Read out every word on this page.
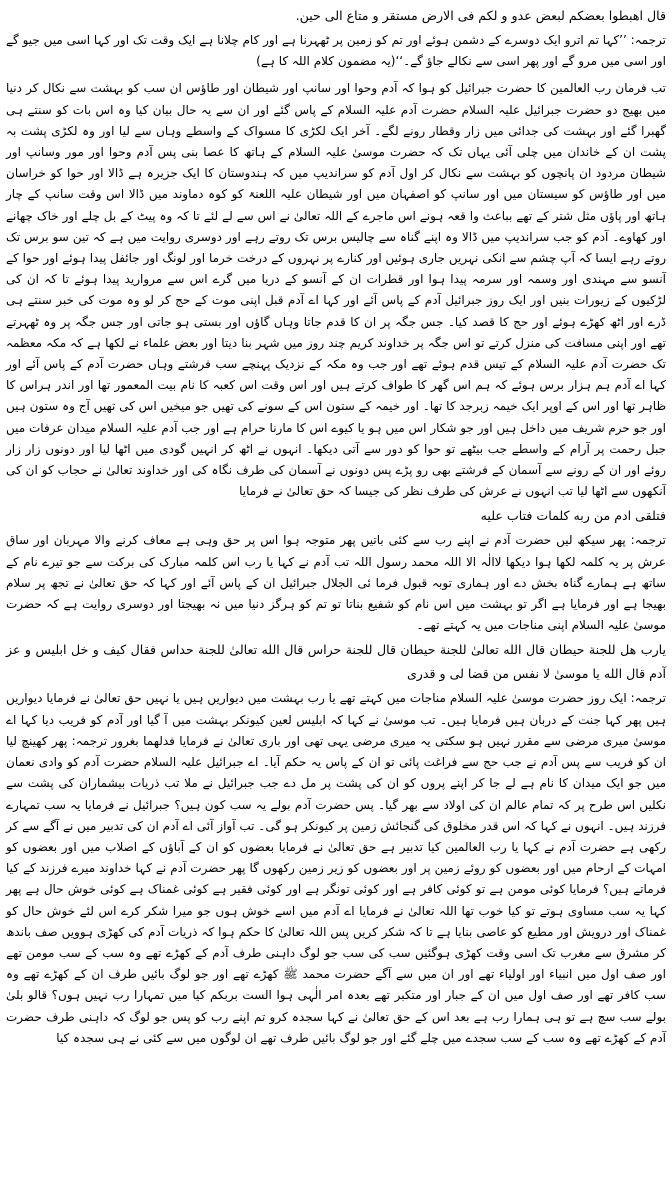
قال اهبطوا بعضكم لبعض عدو و لكم فى الارض مستقر و متاع الى حين.

ترجمہ: ’’کہا تم اترو ایک دوسرے کے دشمن ہوئے اور تم کو زمین پر ٹھہرنا ہے اور کام چلانا ہے ایک وقت تک اور کہا اسی میں جیو گے اور اسی میں مرو گے اور پھر اسی سے نکالے جاؤ گے۔‘‘(یہ مضمون کلام اللہ کا ہے)

تب فرمان رب العالمین کا حضرت جبرائیل کو ہوا کہ آدم وحوا اور سانپ اور شیطان اور طاؤس ان سب کو بہشت سے نکال کر دنیا میں بھیج دو حضرت جبرائیل علیہ السلام حضرت آدم علیہ السلام کے پاس گئے اور ان سے یہ حال بیان کیا وہ اس بات کو سنتے ہی گھبرا گئے اور بہشت کی جدائی میں زار وقطار رونے لگے۔ آخر ایک لکڑی کا مسواک کے واسطے وہاں سے لیا اور وہ لکڑی پشت بہ پشت ان کے خاندان میں چلی آئی یہاں تک کہ حضرت موسیٰ علیہ السلام کے ہاتھ کا عصا بنی پس آدم وحوا اور مور وسانپ اور شیطان مردود ان پانچوں کو بہشت سے نکال کر اول آدم کو سراندیپ میں کہ ہندوستان کا ایک جزیرہ ہے ڈالا اور حوا کو خراسان میں اور طاؤس کو سیستان میں اور سانپ کو اصفہان میں اور شیطان علیہ اللعنۃ کو کوہ دماوند میں ڈالا اس وقت سانپ کے چار ہاتھ اور پاؤں مثل شتر کے تھے بباعث وا قعہ ہونے اس ماجرے کے اللہ تعالیٰ نے اس سے لے لئے تا کہ وہ پیٹ کے بل چلے اور خاک چھانے اور کھاوے۔ آدم کو جب سراندیپ میں ڈالا وہ اپنے گناہ سے چالیس برس تک روتے رہے اور دوسری روایت میں ہے کہ تین سو برس تک روتے رہے ایسا کہ آپ چشم سے انکی نہریں جاری ہوئیں اور کنارے پر نہروں کے درخت خرما اور لونگ اور جائفل پیدا ہوئے اور حوا کے آنسو سے مہندی اور وسمہ اور سرمہ پیدا ہوا اور قطرات ان کے آنسو کے دریا میں گرے اس سے مروارید پیدا ہوئے تا کہ ان کی لڑکیوں کے زیورات بنیں اور ایک روز جبرائیل آدم کے پاس آئے اور کہا اے آدم قبل اپنی موت کے حج کر لو وہ موت کی خبر سنتے ہی ڈرے اور اٹھ کھڑے ہوئے اور حج کا قصد کیا۔ جس جگہ پر ان کا قدم جاتا وہاں گاؤں اور بستی ہو جاتی اور جس جگہ پر وہ ٹھہرتے تھے اور اپنی مسافت کی منزل کرتے تو اس جگہ پر خداوند کریم چند روز میں شہر بنا دیتا اور بعض علماء نے لکھا ہے کہ مکہ معظمہ تک حضرت آدم علیہ السلام کے تیس قدم ہوئے تھے اور جب وہ مکہ کے نزدیک پہنچے سب فرشتے وہاں حضرت آدم کے پاس آئے اور کہا اے آدم ہم ہزار برس ہوئے کہ ہم اس گھر کا طواف کرتے ہیں اور اس وقت اس کعبہ کا نام بیت المعمور تھا اور اندر ہراس کا ظاہر تھا اور اس کے اوپر ایک خیمہ زبرجد کا تھا۔ اور خیمہ کے ستون اس کے سونے کی تھیں جو میخیں اس کی تھیں آج وہ ستون ہیں اور جو حرم شریف میں داخل ہیں اور جو شکار اس میں ہو یا کیوے اس کا مارنا حرام ہے اور جب آدم علیہ السلام میدان عرفات میں جبل رحمت پر آرام کے واسطے جب بیٹھے تو حوا کو دور سے آتی دیکھا۔ انہوں نے اٹھ کر انہیں گودی میں اٹھا لیا اور دونوں زار زار روئے اور ان کے رونے سے آسمان کے فرشتے بھی رو پڑے پس دونوں نے آسمان کی طرف نگاہ کی اور خداوند تعالیٰ نے حجاب کو ان کی آنکھوں سے اٹھا لیا تب انہوں نے عرش کی طرف نظر کی جیسا کہ حق تعالیٰ نے فرمایا

فتلقى ادم من ربه كلمات فتاب عليه

ترجمہ: پھر سیکھ لیں حضرت آدم نے اپنے رب سے کئی باتیں پھر متوجہ ہوا اس پر حق وہی ہے معاف کرنے والا مہربان اور ساق عرش پر یہ کلمہ لکھا ہوا دیکھا لاالٰہ الا اللہ محمد رسول اللہ تب آدم نے کہا یا رب اس کلمہ مبارک کی برکت سے جو تیرے نام کے ساتھ ہے ہمارے گناہ بخش دے اور ہماری توبہ قبول فرما ئی الجلال جبرائیل ان کے پاس آئے اور کہا کہ حق تعالیٰ نے تجھ پر سلام بھیجا ہے اور فرمایا ہے اگر تو بہشت میں اس نام کو شفیع بناتا تو تم کو ہرگز دنیا میں نہ بھیجتا اور دوسری روایت ہے کہ حضرت موسیٰ علیہ السلام اپنی مناجات میں یہ کہتے تھے۔

يارب هل للجنة حيطان قال الله تعالىٰ للجنة حيطان قال للجنة حراس قال الله تعالىٰ للجنة حداس فقال كيف و خل ابليس و عز آدم قال الله يا موسىٰ لا نفس من قضا لى و قدرى

ترجمہ: ایک روز حضرت موسیٰ علیہ السلام مناجات میں کہتے تھے یا رب بہشت میں دیواریں ہیں یا نہیں حق تعالیٰ نے فرمایا دیواریں ہیں پھر کہا جنت کے دربان ہیں فرمایا ہیں۔ تب موسیٰ نے کہا کہ ابلیس لعین کیونکر بہشت میں آ گیا اور آدم کو فریب دیا کہا اے موسیٰ میری مرضی سے مقرر نہیں ہو سکتی یہ میری مرضی یہی تھی اور باری تعالیٰ نے فرمایا فدلھما بغرور ترجمہ: پھر کھینچ لیا ان کو فریب سے پس آدم نے جب حج سے فراغت پائی تو ان کے پاس یہ حکم آیا۔ اے جبرائیل علیہ السلام حضرت آدم کو وادی نعمان میں جو ایک میدان کا نام ہے لے جا کر اپنے پروں کو ان کی پشت پر مل دے جب جبرائیل نے ملا تب ذریات بیشماران کی پشت سے نکلیں اس طرح پر کہ تمام عالم ان کی اولاد سے بھر گیا۔ پس حضرت آدم بولے یہ سب کون ہیں؟ جبرائیل نے فرمایا یہ سب تمہارے فرزند ہیں۔ انہوں نے کہا کہ اس قدر مخلوق کی گنجائش زمین پر کیونکر ہو گی۔ تب آواز آئی اے آدم ان کی تدبیر میں نے آگے سے کر رکھی ہے حضرت آدم نے کہا یا رب العالمین کیا تدبیر ہے حق تعالیٰ نے فرمایا بعضوں کو ان کے آباؤں کے اصلاب میں اور بعضوں کو امہات کے ارحام میں اور بعضوں کو روئے زمین پر اور بعضوں کو زیر زمین رکھوں گا پھر حضرت آدم نے کہا خداوند میرے فرزند کے کیا فرماتے ہیں؟ فرمایا کوئی مومن ہے تو کوئی کافر ہے اور کوئی تونگر ہے اور کوئی فقیر ہے کوئی غمناک ہے کوئی خوش حال ہے پھر کہا یہ سب مساوی ہوتے تو کیا خوب تھا اللہ تعالیٰ نے فرمایا اے آدم میں اسے خوش ہوں جو میرا شکر کرے اس لئے خوش حال کو غمناک اور درویش اور مطیع کو عاصی بنایا ہے تا کہ شکر کریں پس اللہ تعالیٰ کا حکم ہوا کہ ذریات آدم کی کھڑی ہوویں صف باندھ کر مشرق سے مغرب تک اسی وقت کھڑی ہوگئیں سب کی سب جو لوگ داہنی طرف آدم کے کھڑے تھے وہ سب کے سب مومن تھے اور صف اول میں انبیاء اور اولیاء تھے اور ان میں سے آگے حضرت محمد ﷺ کھڑے تھے اور جو لوگ بائیں طرف ان کے کھڑے تھے وہ سب کافر تھے اور صف اول میں ان کے جبار اور متکبر تھے بعدہ امر الٰہی ہوا الست بربکم کیا میں تمہارا رب نہیں ہوں؟ قالو بلیٰ بولے سب سچ ہے تو ہی ہمارا رب ہے بعد اس کے حق تعالیٰ نے کہا سجدہ کرو تم اپنے رب کو پس جو لوگ کہ داہنی طرف حضرت آدم کے کھڑے تھے وہ سب کے سب سجدے میں چلے گئے اور جو لوگ بائیں طرف تھے ان لوگوں میں سے کئی نے ہی سجدہ کیا
